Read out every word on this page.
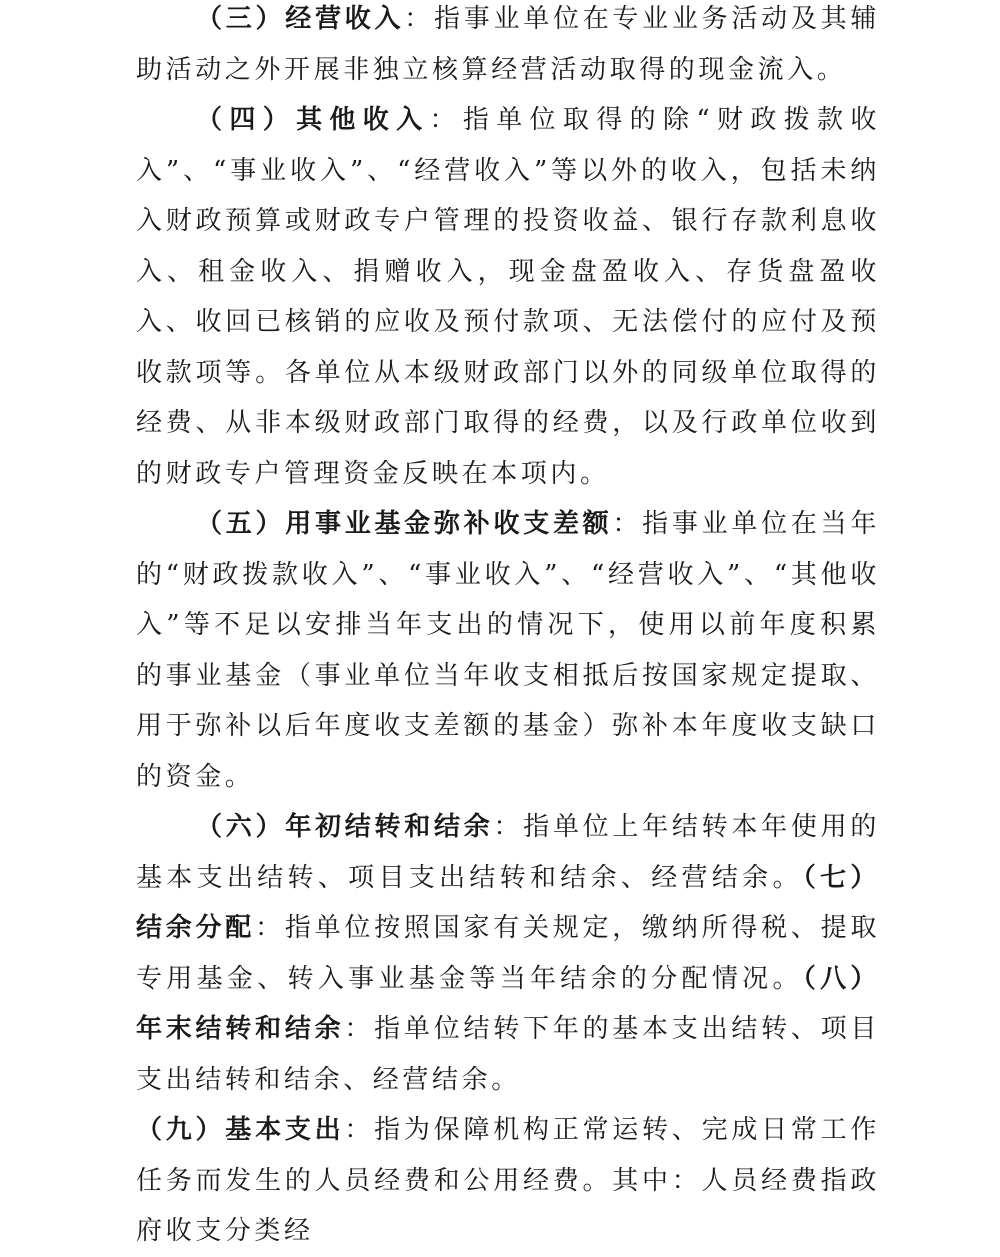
（三）经营收入：指事业单位在专业业务活动及其辅助活动之外开展非独立核算经营活动取得的现金流入。

（四）其他收入：指单位取得的除“财政拨款收入”、“事业收入”、“经营收入”等以外的收入，包括未纳入财政预算或财政专户管理的投资收益、银行存款利息收入、租金收入、捐赠收入，现金盘盈收入、存货盘盈收入、收回已核销的应收及预付款项、无法偿付的应付及预收款项等。各单位从本级财政部门以外的同级单位取得的经费、从非本级财政部门取得的经费，以及行政单位收到的财政专户管理资金反映在本项内。

（五）用事业基金弥补收支差额：指事业单位在当年的“财政拨款收入”、“事业收入”、“经营收入”、“其他收入”等不足以安排当年支出的情况下，使用以前年度积累的事业基金（事业单位当年收支相抵后按国家规定提取、用于弥补以后年度收支差额的基金）弥补本年度收支缺口的资金。

（六）年初结转和结余：指单位上年结转本年使用的基本支出结转、项目支出结转和结余、经营结余。（七）结余分配：指单位按照国家有关规定，缴纳所得税、提取专用基金、转入事业基金等当年结余的分配情况。（八）年末结转和结余：指单位结转下年的基本支出结转、项目支出结转和结余、经营结余。

（九）基本支出：指为保障机构正常运转、完成日常工作任务而发生的人员经费和公用经费。其中：人员经费指政府收支分类经
